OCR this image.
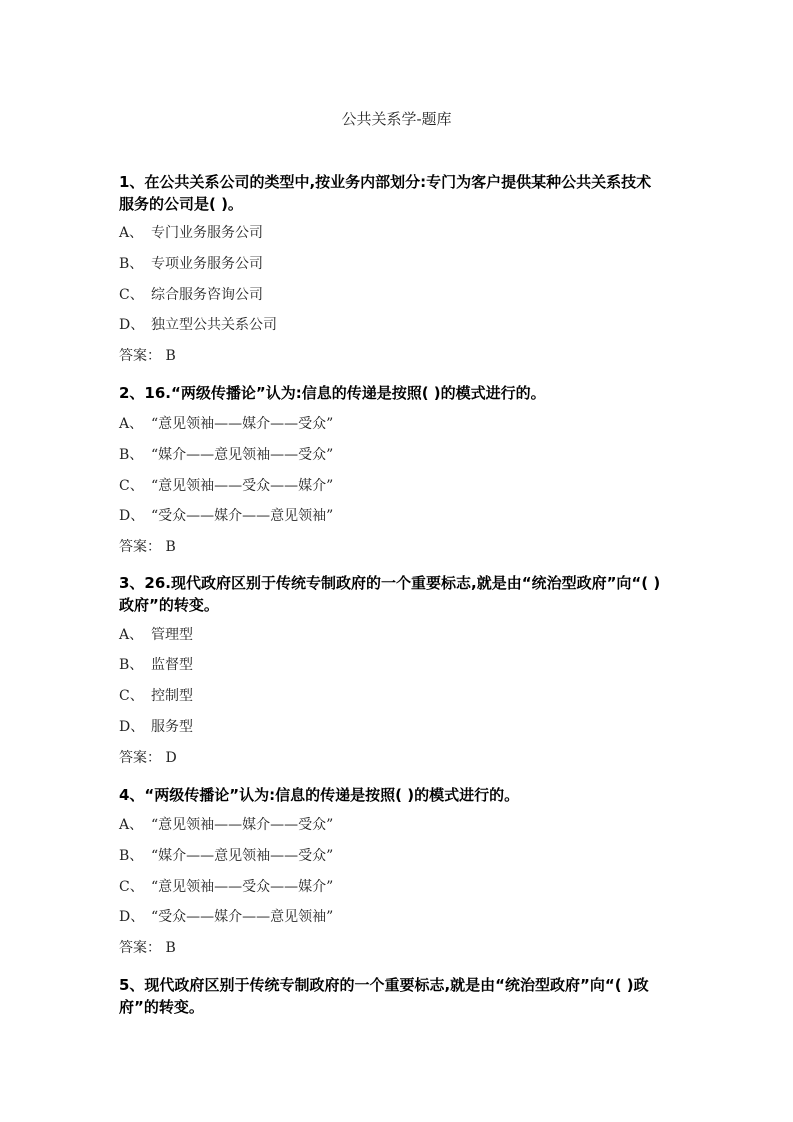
公共关系学-题库
1、在公共关系公司的类型中,按业务内部划分:专门为客户提供某种公共关系技术服务的公司是( )。
A、 专门业务服务公司
B、 专项业务服务公司
C、 综合服务咨询公司
D、 独立型公共关系公司
答案： B
2、16.“两级传播论”认为:信息的传递是按照( )的模式进行的。
A、 “意见领袖——媒介——受众”
B、 “媒介——意见领袖——受众”
C、 “意见领袖——受众——媒介”
D、 “受众——媒介——意见领袖”
答案： B
3、26.现代政府区别于传统专制政府的一个重要标志,就是由“统治型政府”向“( )政府”的转变。
A、 管理型
B、 监督型
C、 控制型
D、 服务型
答案： D
4、“两级传播论”认为:信息的传递是按照( )的模式进行的。
A、 “意见领袖——媒介——受众”
B、 “媒介——意见领袖——受众”
C、 “意见领袖——受众——媒介”
D、 “受众——媒介——意见领袖”
答案： B
5、现代政府区别于传统专制政府的一个重要标志,就是由“统治型政府”向“( )政府”的转变。
